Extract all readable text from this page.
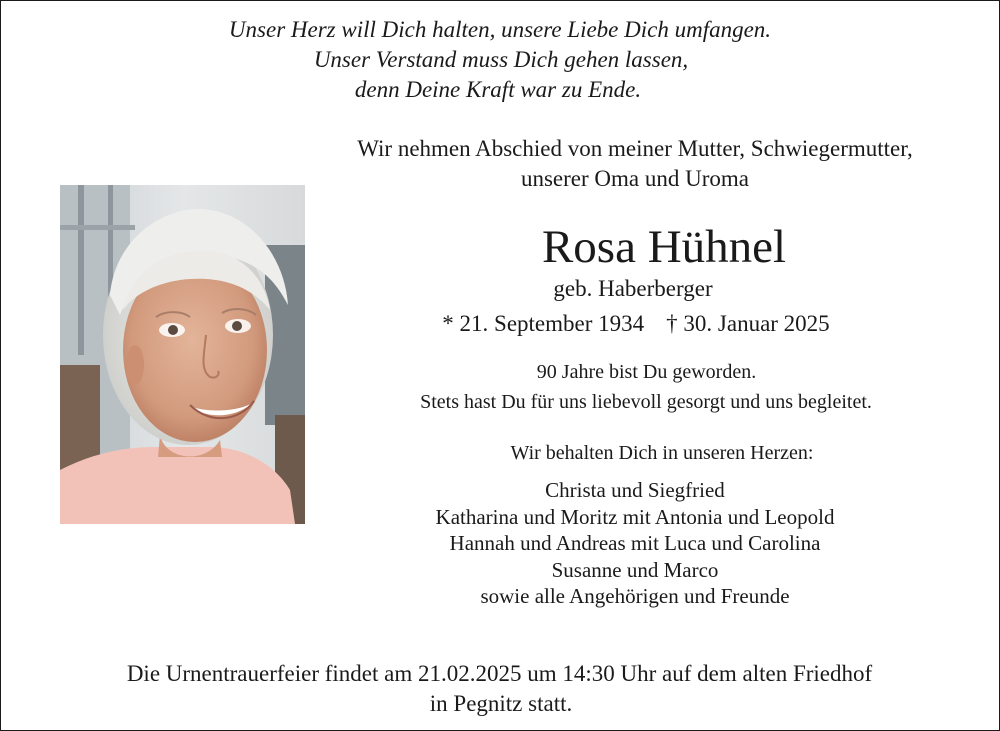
Unser Herz will Dich halten, unsere Liebe Dich umfangen.
Unser Verstand muss Dich gehen lassen,
denn Deine Kraft war zu Ende.
Wir nehmen Abschied von meiner Mutter, Schwiegermutter,
unserer Oma und Uroma
Rosa Hühnel
geb. Haberberger
* 21. September 1934 † 30. Januar 2025
90 Jahre bist Du geworden.
Stets hast Du für uns liebevoll gesorgt und uns begleitet.
Wir behalten Dich in unseren Herzen:
Christa und Siegfried
Katharina und Moritz mit Antonia und Leopold
Hannah und Andreas mit Luca und Carolina
Susanne und Marco
sowie alle Angehörigen und Freunde
Die Urnentrauerfeier findet am 21.02.2025 um 14:30 Uhr auf dem alten Friedhof
in Pegnitz statt.
